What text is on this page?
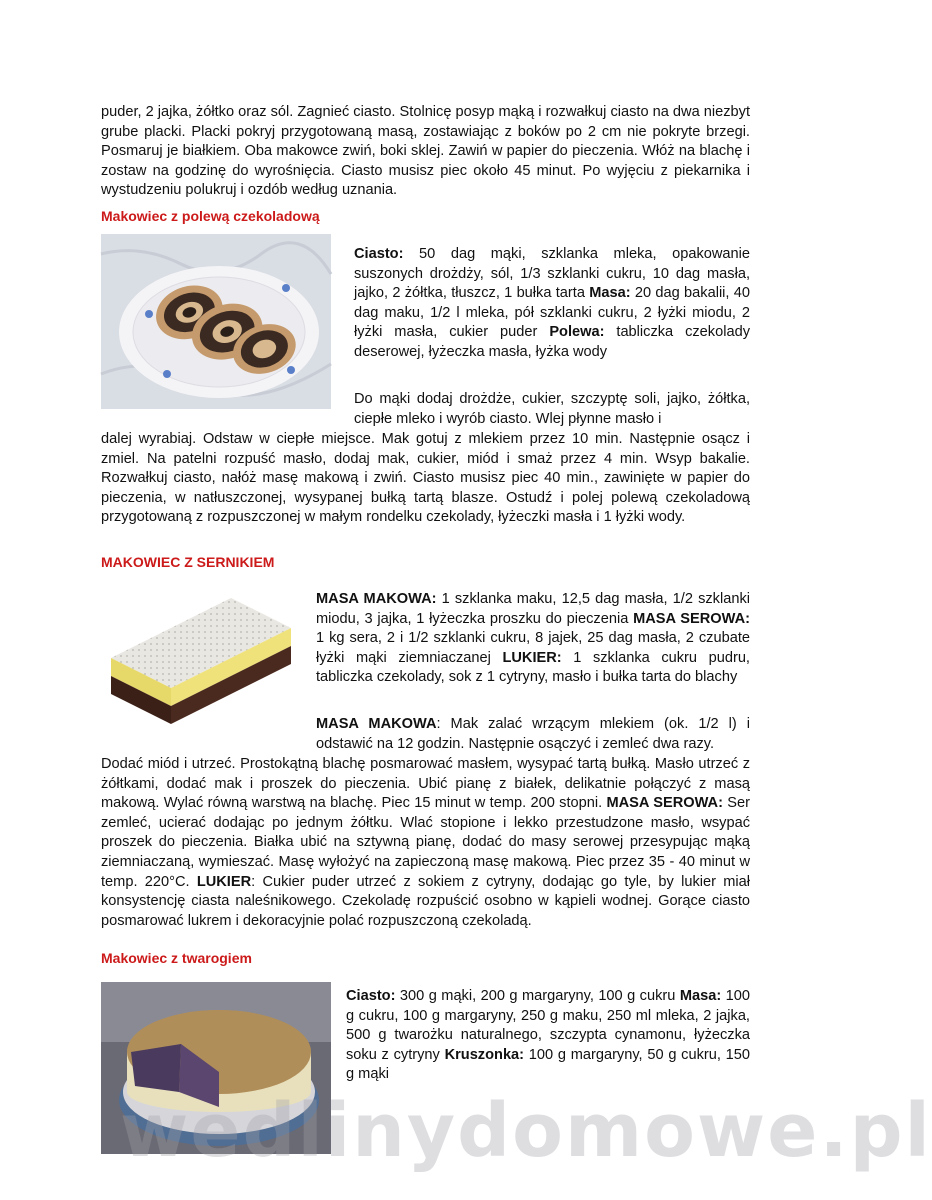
puder, 2 jajka, żółtko oraz sól. Zagnieć ciasto. Stolnicę posyp mąką i rozwałkuj ciasto na dwa niezbyt grube placki. Placki pokryj przygotowaną masą, zostawiając z boków po 2 cm nie pokryte brzegi. Posmaruj je białkiem. Oba makowce zwiń, boki sklej. Zawiń w papier do pieczenia. Włóż na blachę i zostaw na godzinę do wyrośnięcia. Ciasto musisz piec około 45 minut. Po wyjęciu z piekarnika i wystudzeniu polukruj i ozdób według uznania.

Makowiec z polewą czekoladową

Ciasto: 50 dag mąki, szklanka mleka, opakowanie suszonych drożdży, sól, 1/3 szklanki cukru, 10 dag masła, jajko, 2 żółtka, tłuszcz, 1 bułka tarta Masa: 20 dag bakalii, 40 dag maku, 1/2 l mleka, pół szklanki cukru, 2 łyżki miodu, 2 łyżki masła, cukier puder Polewa: tabliczka czekolady deserowej, łyżeczka masła, łyżka wody

Do mąki dodaj drożdże, cukier, szczyptę soli, jajko, żółtka, ciepłe mleko i wyrób ciasto. Wlej płynne masło i

dalej wyrabiaj. Odstaw w ciepłe miejsce. Mak gotuj z mlekiem przez 10 min. Następnie osącz i zmiel. Na patelni rozpuść masło, dodaj mak, cukier, miód i smaż przez 4 min. Wsyp bakalie. Rozwałkuj ciasto, nałóż masę makową i zwiń. Ciasto musisz piec 40 min., zawinięte w papier do pieczenia, w natłuszczonej, wysypanej bułką tartą blasze. Ostudź i polej polewą czekoladową przygotowaną z rozpuszczonej w małym rondelku czekolady, łyżeczki masła i 1 łyżki wody.

MAKOWIEC Z SERNIKIEM

MASA MAKOWA: 1 szklanka maku, 12,5 dag masła, 1/2 szklanki miodu, 3 jajka, 1 łyżeczka proszku do pieczenia MASA SEROWA: 1 kg sera, 2 i 1/2 szklanki cukru, 8 jajek, 25 dag masła, 2 czubate łyżki mąki ziemniaczanej LUKIER: 1 szklanka cukru pudru, tabliczka czekolady, sok z 1 cytryny, masło i bułka tarta do blachy

MASA MAKOWA: Mak zalać wrzącym mlekiem (ok. 1/2 l) i odstawić na 12 godzin. Następnie osączyć i zemleć dwa razy.

Dodać miód i utrzeć. Prostokątną blachę posmarować masłem, wysypać tartą bułką. Masło utrzeć z żółtkami, dodać mak i proszek do pieczenia. Ubić pianę z białek, delikatnie połączyć z masą makową. Wylać równą warstwą na blachę. Piec 15 minut w temp. 200 stopni. MASA SEROWA: Ser zemleć, ucierać dodając po jednym żółtku. Wlać stopione i lekko przestudzone masło, wsypać proszek do pieczenia. Białka ubić na sztywną pianę, dodać do masy serowej przesypując mąką ziemniaczaną, wymieszać. Masę wyłożyć na zapieczoną masę makową. Piec przez 35 - 40 minut w temp. 220°C. LUKIER: Cukier puder utrzeć z sokiem z cytryny, dodając go tyle, by lukier miał konsystencję ciasta naleśnikowego. Czekoladę rozpuścić osobno w kąpieli wodnej. Gorące ciasto posmarować lukrem i dekoracyjnie polać rozpuszczoną czekoladą.

Makowiec z twarogiem

Ciasto: 300 g mąki, 200 g margaryny, 100 g cukru Masa: 100 g cukru, 100 g margaryny, 250 g maku, 250 ml mleka, 2 jajka, 500 g twarożku naturalnego, szczypta cynamonu, łyżeczka soku z cytryny Kruszonka: 100 g margaryny, 50 g cukru, 150 g mąki

wedlinydomowe.pl
